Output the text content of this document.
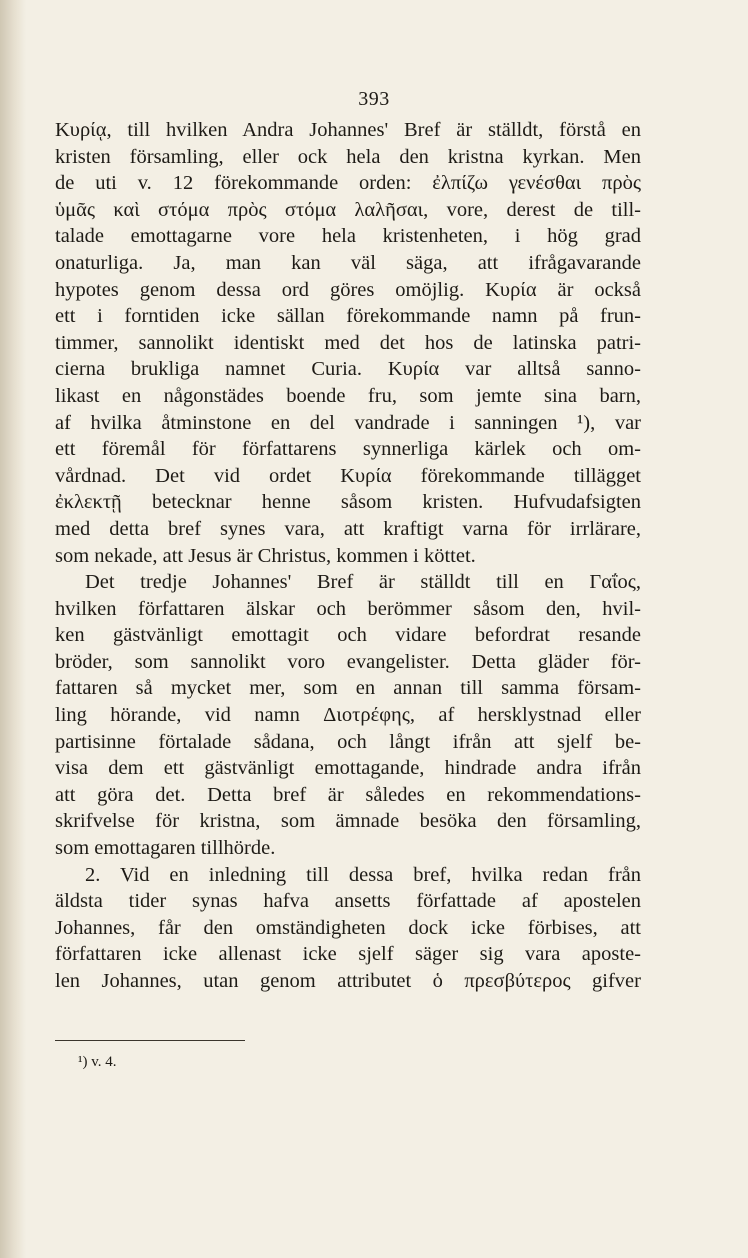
393
Κυρίᾳ, till hvilken Andra Johannes' Bref är ställdt, förstå en
kristen församling, eller ock hela den kristna kyrkan. Men
de uti v. 12 förekommande orden: ἐλπίζω γενέσθαι πρὸς
ὑμᾶς καὶ στόμα πρὸς στόμα λαλῆσαι, vore, derest de till-
talade emottagarne vore hela kristenheten, i hög grad
onaturliga. Ja, man kan väl säga, att ifrågavarande
hypotes genom dessa ord göres omöjlig. Κυρία är också
ett i forntiden icke sällan förekommande namn på frun-
timmer, sannolikt identiskt med det hos de latinska patri-
cierna brukliga namnet Curia. Κυρία var alltså sanno-
likast en någonstädes boende fru, som jemte sina barn,
af hvilka åtminstone en del vandrade i sanningen ¹), var
ett föremål för författarens synnerliga kärlek och om-
vårdnad. Det vid ordet Κυρία förekommande tillägget
ἐκλεκτῇ betecknar henne såsom kristen. Hufvudafsigten
med detta bref synes vara, att kraftigt varna för irrlärare,
som nekade, att Jesus är Christus, kommen i köttet.
Det tredje Johannes' Bref är ställdt till en Γαΐος,
hvilken författaren älskar och berömmer såsom den, hvil-
ken gästvänligt emottagit och vidare befordrat resande
bröder, som sannolikt voro evangelister. Detta gläder för-
fattaren så mycket mer, som en annan till samma försam-
ling hörande, vid namn Διοτρέφης, af hersklystnad eller
partisinne förtalade sådana, och långt ifrån att sjelf be-
visa dem ett gästvänligt emottagande, hindrade andra ifrån
att göra det. Detta bref är således en rekommendations-
skrifvelse för kristna, som ämnade besöka den församling,
som emottagaren tillhörde.
2. Vid en inledning till dessa bref, hvilka redan från
äldsta tider synas hafva ansetts författade af apostelen
Johannes, får den omständigheten dock icke förbises, att
författaren icke allenast icke sjelf säger sig vara aposte-
len Johannes, utan genom attributet ὁ πρεσβύτερος gifver
¹) v. 4.
